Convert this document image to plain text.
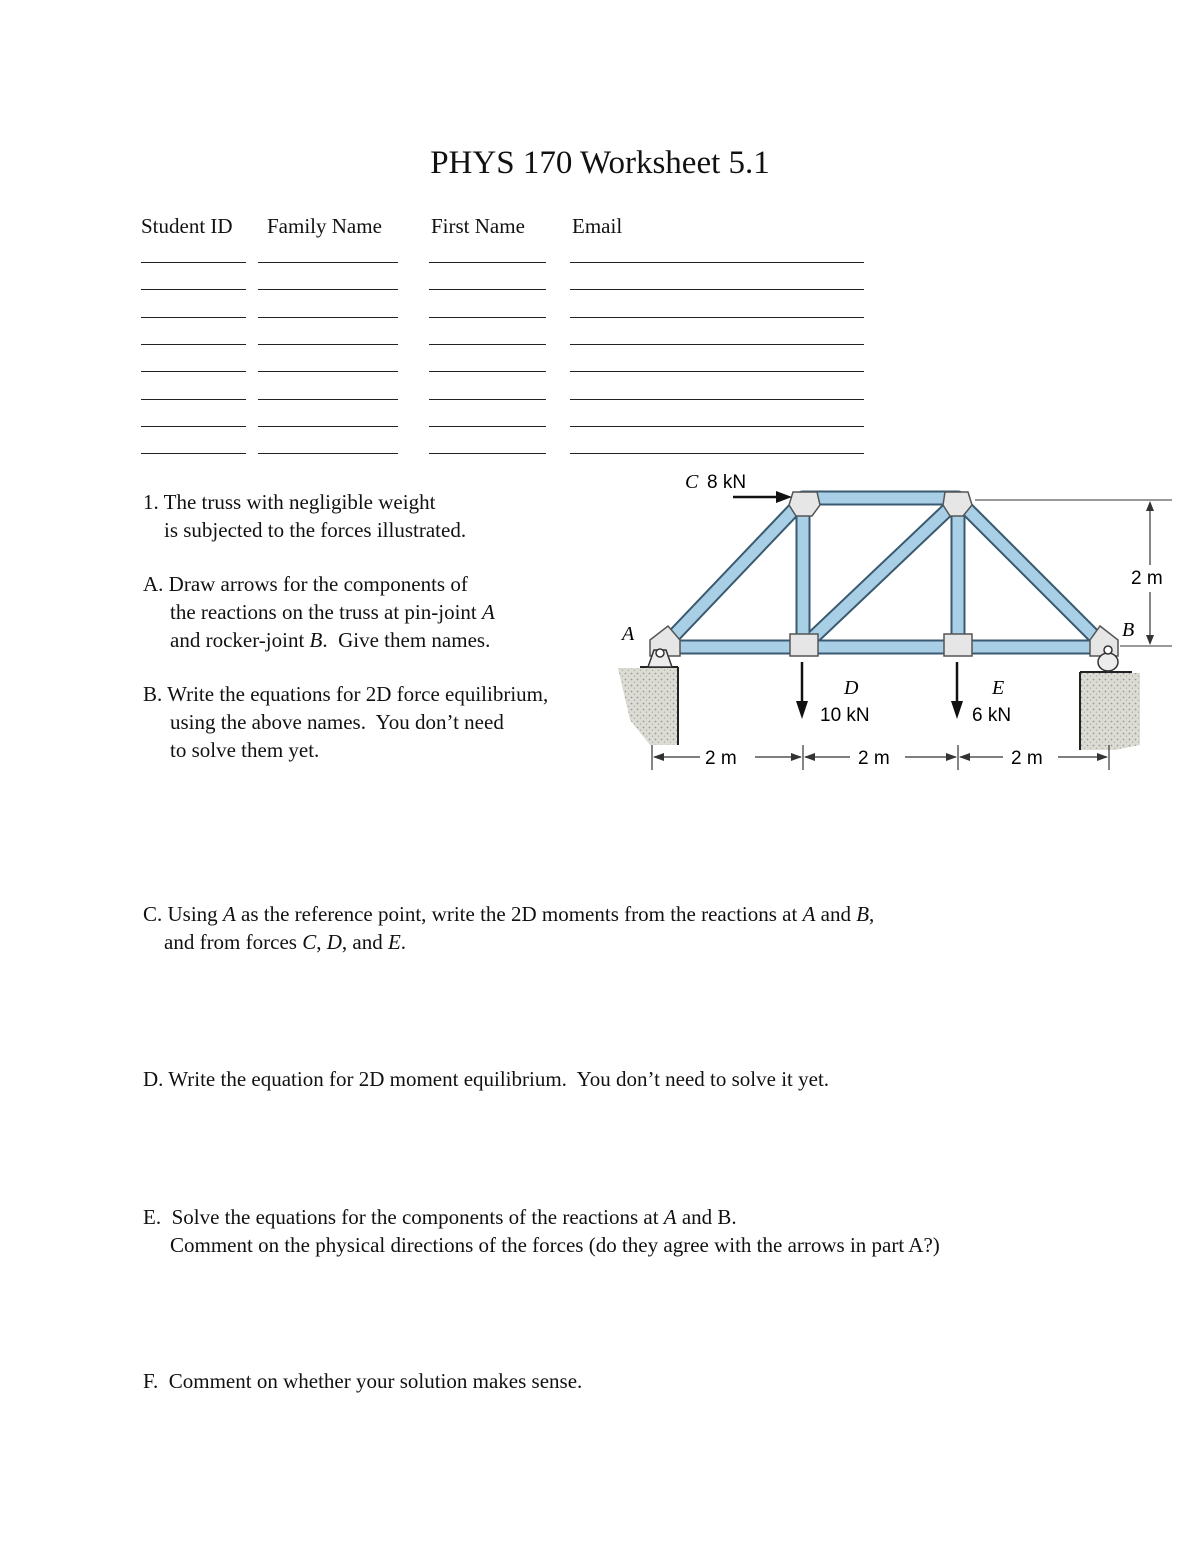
PHYS 170 Worksheet 5.1
Student ID Family Name First Name Email
1. The truss with negligible weight
is subjected to the forces illustrated.
A. Draw arrows for the components of
the reactions on the truss at pin-joint A
and rocker-joint B.  Give them names.
B. Write the equations for 2D force equilibrium,
using the above names.  You don’t need
to solve them yet.
C 8 kN
A	B
D
10 kN
E
6 kN
2 m
2 m	2 m	2 m
C. Using A as the reference point, write the 2D moments from the reactions at A and B,
and from forces C, D, and E.
D. Write the equation for 2D moment equilibrium.  You don’t need to solve it yet.
E.  Solve the equations for the components of the reactions at A and B.
Comment on the physical directions of the forces (do they agree with the arrows in part A?)
F.  Comment on whether your solution makes sense.
